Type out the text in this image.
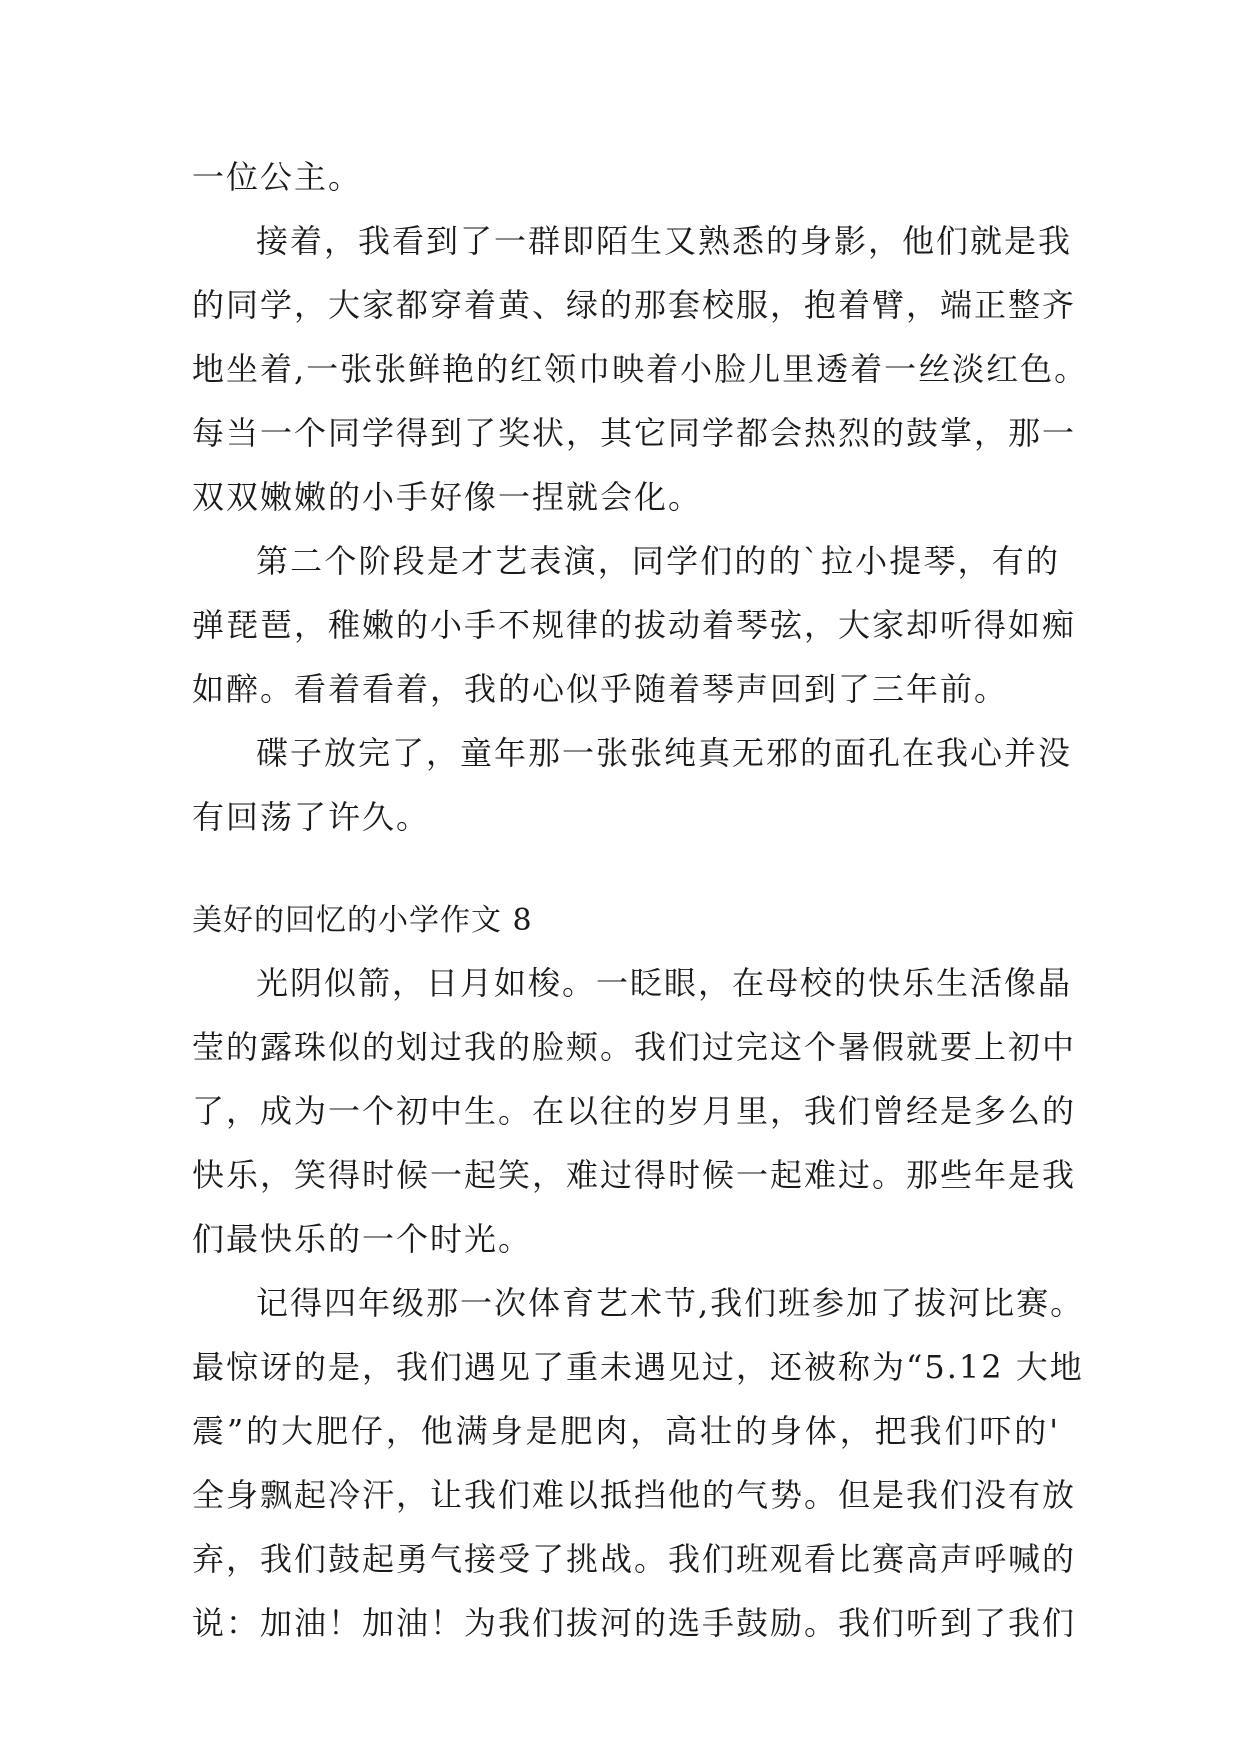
一位公主。
接着，我看到了一群即陌生又熟悉的身影，他们就是我
的同学，大家都穿着黄、绿的那套校服，抱着臂，端正整齐
地坐着,一张张鲜艳的红领巾映着小脸儿里透着一丝淡红色。
每当一个同学得到了奖状，其它同学都会热烈的鼓掌，那一
双双嫩嫩的小手好像一捏就会化。
第二个阶段是才艺表演，同学们的的`拉小提琴，有的
弹琵琶，稚嫩的小手不规律的拔动着琴弦，大家却听得如痴
如醉。看着看着，我的心似乎随着琴声回到了三年前。
碟子放完了，童年那一张张纯真无邪的面孔在我心并没
有回荡了许久。
美好的回忆的小学作文 8
光阴似箭，日月如梭。一眨眼，在母校的快乐生活像晶
莹的露珠似的划过我的脸颊。我们过完这个暑假就要上初中
了，成为一个初中生。在以往的岁月里，我们曾经是多么的
快乐，笑得时候一起笑，难过得时候一起难过。那些年是我
们最快乐的一个时光。
记得四年级那一次体育艺术节,我们班参加了拔河比赛。
最惊讶的是，我们遇见了重未遇见过，还被称为“5.12 大地
震”的大肥仔，他满身是肥肉，高壮的身体，把我们吓的'
全身飘起冷汗，让我们难以抵挡他的气势。但是我们没有放
弃，我们鼓起勇气接受了挑战。我们班观看比赛高声呼喊的
说：加油！加油！为我们拔河的选手鼓励。我们听到了我们
